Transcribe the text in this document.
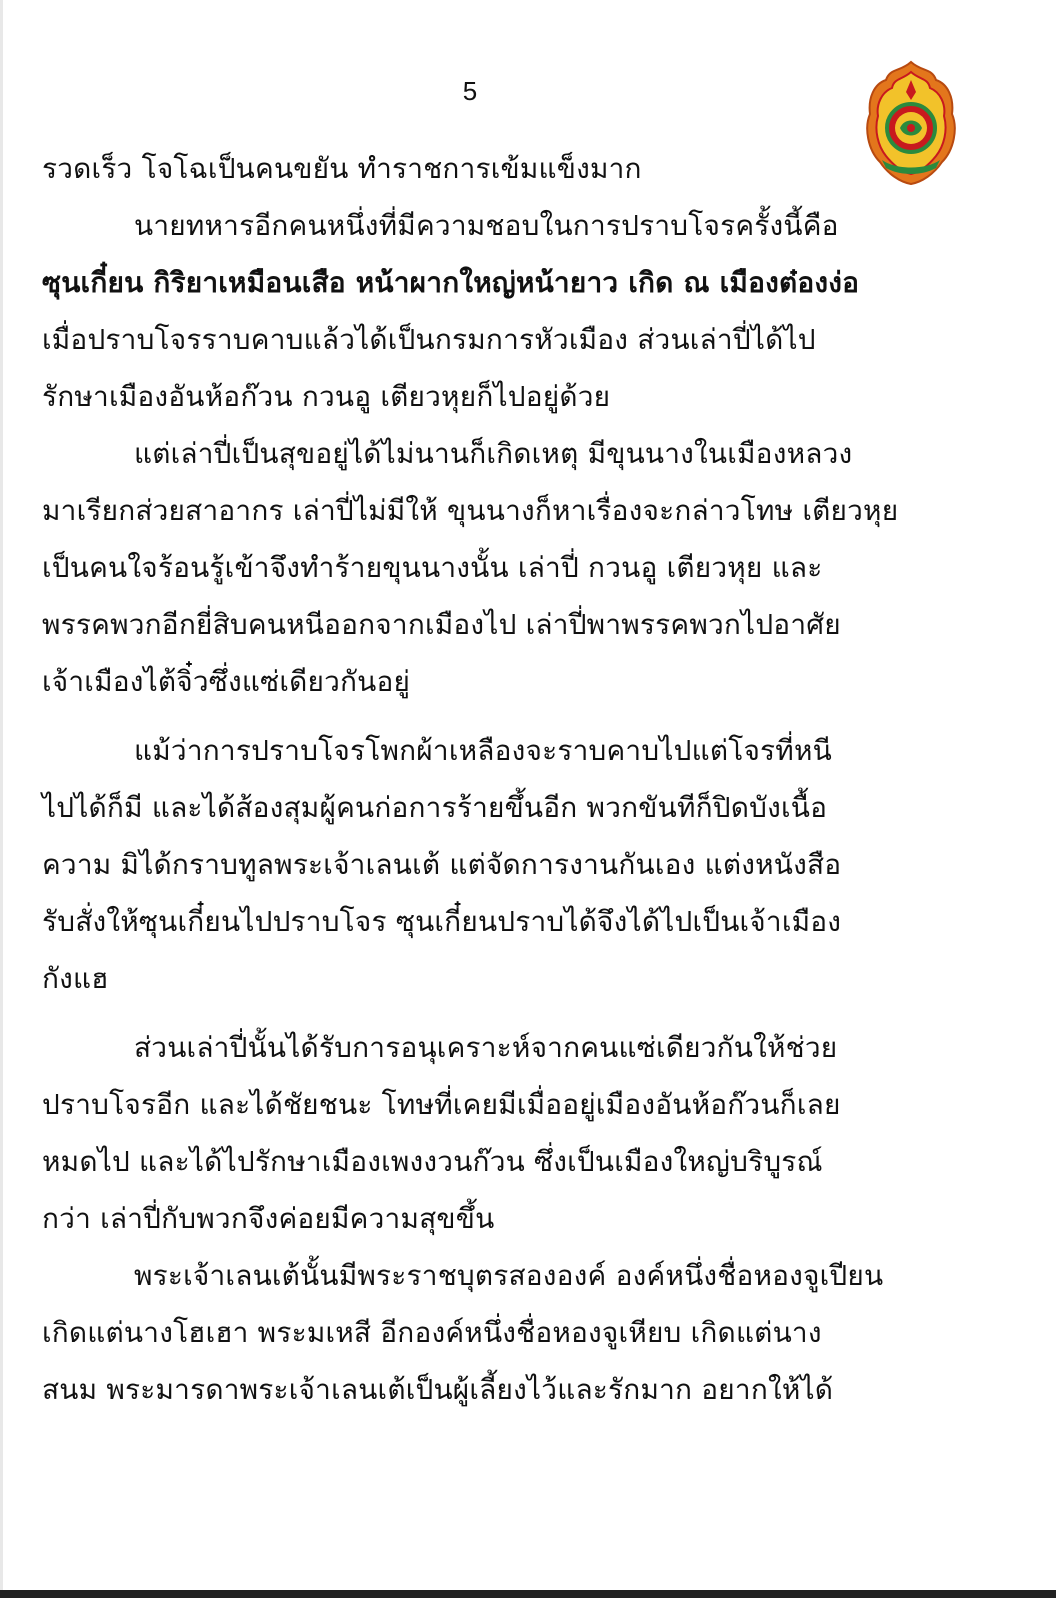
5
รวดเร็ว โจโฉเป็นคนขยัน ทำราชการเข้มแข็งมาก
นายทหารอีกคนหนึ่งที่มีความชอบในการปราบโจรครั้งนี้คือ
ซุนเกี๋ยน กิริยาเหมือนเสือ หน้าผากใหญ่หน้ายาว เกิด ณ เมืองต๋องง่อ
เมื่อปราบโจรราบคาบแล้วได้เป็นกรมการหัวเมือง ส่วนเล่าปี่ได้ไป
รักษาเมืองอันห้อก๊วน กวนอู เตียวหุยก็ไปอยู่ด้วย
แต่เล่าปี่เป็นสุขอยู่ได้ไม่นานก็เกิดเหตุ มีขุนนางในเมืองหลวง
มาเรียกส่วยสาอากร เล่าปี่ไม่มีให้ ขุนนางก็หาเรื่องจะกล่าวโทษ เตียวหุย
เป็นคนใจร้อนรู้เข้าจึงทำร้ายขุนนางนั้น เล่าปี่ กวนอู เตียวหุย และ
พรรคพวกอีกยี่สิบคนหนีออกจากเมืองไป เล่าปี่พาพรรคพวกไปอาศัย
เจ้าเมืองไต้จิ๋วซึ่งแซ่เดียวกันอยู่
แม้ว่าการปราบโจรโพกผ้าเหลืองจะราบคาบไปแต่โจรที่หนี
ไปได้ก็มี และได้ส้องสุมผู้คนก่อการร้ายขึ้นอีก พวกขันทีก็ปิดบังเนื้อ
ความ มิได้กราบทูลพระเจ้าเลนเต้ แต่จัดการงานกันเอง แต่งหนังสือ
รับสั่งให้ซุนเกี๋ยนไปปราบโจร ซุนเกี๋ยนปราบได้จึงได้ไปเป็นเจ้าเมือง
กังแฮ
ส่วนเล่าปี่นั้นได้รับการอนุเคราะห์จากคนแซ่เดียวกันให้ช่วย
ปราบโจรอีก และได้ชัยชนะ โทษที่เคยมีเมื่ออยู่เมืองอันห้อก๊วนก็เลย
หมดไป และได้ไปรักษาเมืองเพงงวนก๊วน ซึ่งเป็นเมืองใหญ่บริบูรณ์
กว่า เล่าปี่กับพวกจึงค่อยมีความสุขขึ้น
พระเจ้าเลนเต้นั้นมีพระราชบุตรสององค์ องค์หนึ่งชื่อหองจูเปียน
เกิดแต่นางโฮเฮา พระมเหสี อีกองค์หนึ่งชื่อหองจูเหียบ เกิดแต่นาง
สนม พระมารดาพระเจ้าเลนเต้เป็นผู้เลี้ยงไว้และรักมาก อยากให้ได้
